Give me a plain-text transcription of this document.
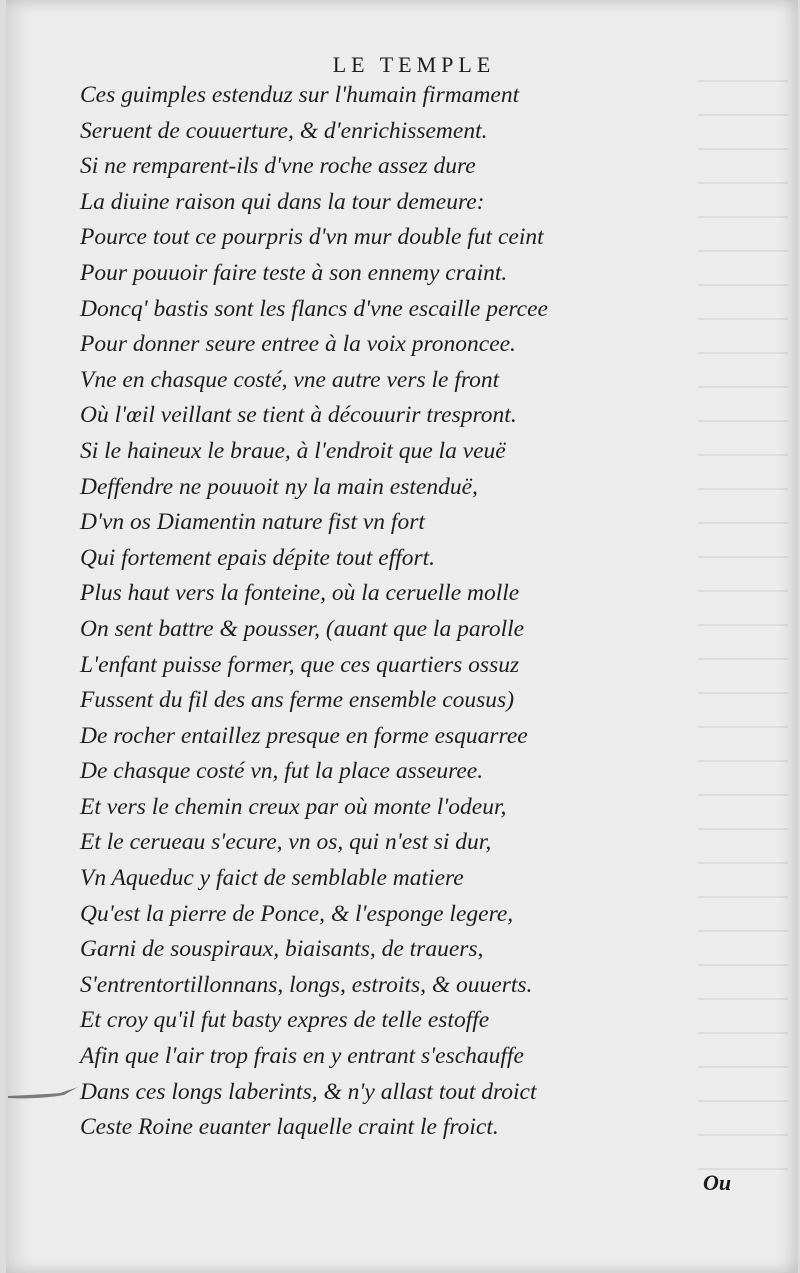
LE TEMPLE
Ces guimples estenduz sur l'humain firmament
Seruent de couuerture, & d'enrichissement.
Si ne remparent-ils d'vne roche assez dure
La diuine raison qui dans la tour demeure:
Pource tout ce pourpris d'vn mur double fut ceint
Pour pouuoir faire teste à son ennemy craint.
Doncq' bastis sont les flancs d'vne escaille percee
Pour donner seure entree à la voix prononcee.
Vne en chasque costé, vne autre vers le front
Où l'œil veillant se tient à découurir trespront.
Si le haineux le braue, à l'endroit que la veuë
Deffendre ne pouuoit ny la main estenduë,
D'vn os Diamentin nature fist vn fort
Qui fortement epais dépite tout effort.
Plus haut vers la fonteine, où la ceruelle molle
On sent battre & pousser, (auant que la parolle
L'enfant puisse former, que ces quartiers ossuz
Fussent du fil des ans ferme ensemble cousus)
De rocher entaillez presque en forme esquarree
De chasque costé vn, fut la place asseuree.
Et vers le chemin creux par où monte l'odeur,
Et le cerueau s'ecure, vn os, qui n'est si dur,
Vn Aqueduc y faict de semblable matiere
Qu'est la pierre de Ponce, & l'esponge legere,
Garni de souspiraux, biaisants, de trauers,
S'entrentortillonnans, longs, estroits, & ouuerts.
Et croy qu'il fut basty expres de telle estoffe
Afin que l'air trop frais en y entrant s'eschauffe
Dans ces longs laberints, & n'y allast tout droict
Ceste Roine euanter laquelle craint le froict.
Ou
